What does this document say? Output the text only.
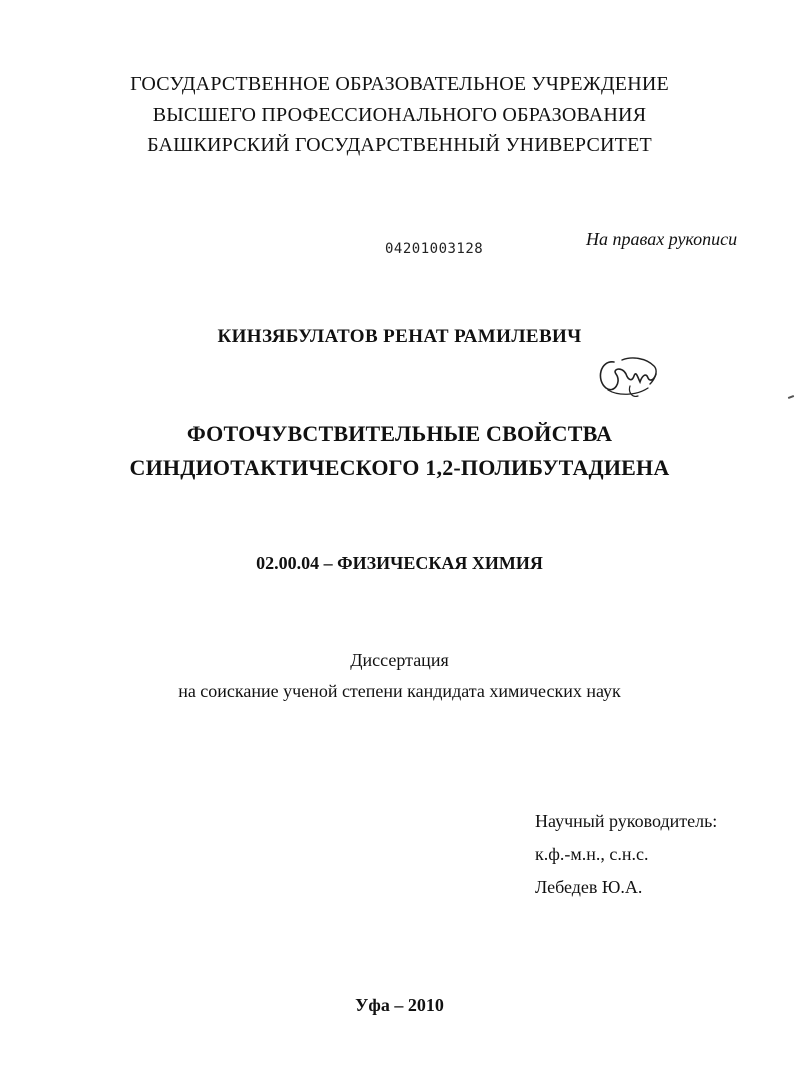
ГОСУДАРСТВЕННОЕ ОБРАЗОВАТЕЛЬНОЕ УЧРЕЖДЕНИЕ
ВЫСШЕГО ПРОФЕССИОНАЛЬНОГО ОБРАЗОВАНИЯ
БАШКИРСКИЙ ГОСУДАРСТВЕННЫЙ УНИВЕРСИТЕТ
04201003128	На правах рукописи
КИНЗЯБУЛАТОВ РЕНАТ РАМИЛЕВИЧ
ФОТОЧУВСТВИТЕЛЬНЫЕ СВОЙСТВА
СИНДИОТАКТИЧЕСКОГО 1,2-ПОЛИБУТАДИЕНА
02.00.04 – ФИЗИЧЕСКАЯ ХИМИЯ
Диссертация
на соискание ученой степени кандидата химических наук
Научный руководитель:
к.ф.-м.н., с.н.с.
Лебедев Ю.А.
Уфа – 2010
